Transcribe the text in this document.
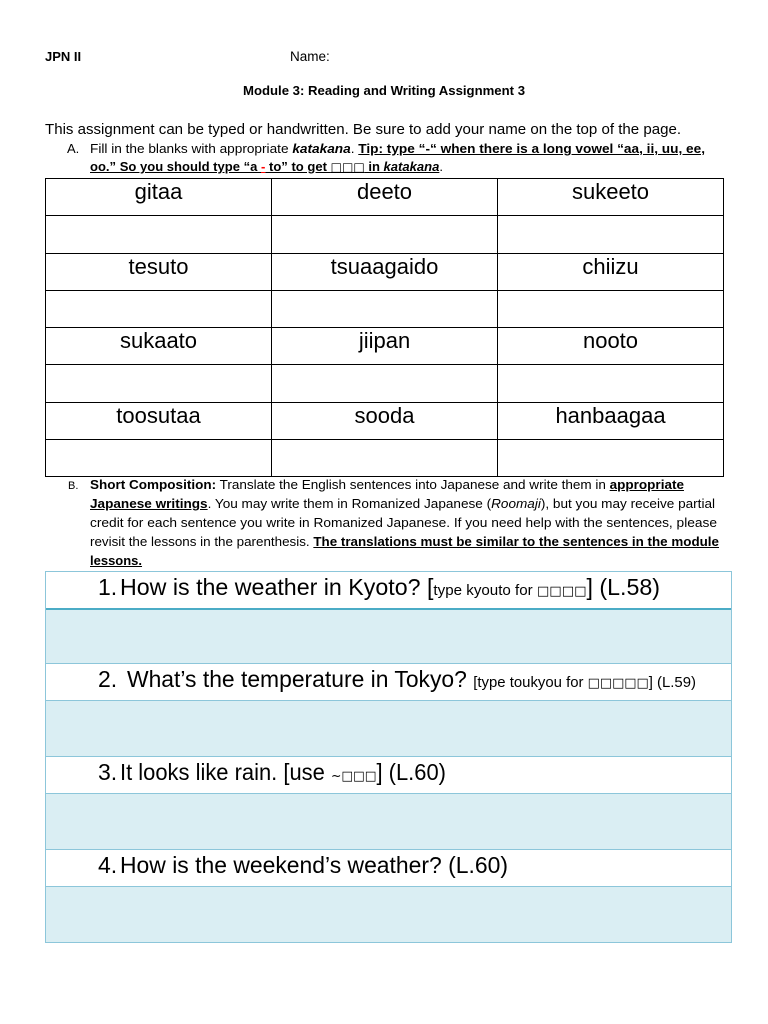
JPN II	Name:
Module 3: Reading and Writing Assignment 3
This assignment can be typed or handwritten. Be sure to add your name on the top of the page.
A. Fill in the blanks with appropriate katakana. Tip: type “-“ when there is a long vowel “aa, ii, uu, ee,
oo.” So you should type “a - to” to get □□□ in katakana.
gitaa	deeto	sukeeto

tesuto	tsuaagaido	chiizu

sukaato	jiipan	nooto

toosutaa	sooda	hanbaagaa

B. Short Composition: Translate the English sentences into Japanese and write them in appropriate
Japanese writings. You may write them in Romanized Japanese (Roomaji), but you may receive partial
credit for each sentence you write in Romanized Japanese. If you need help with the sentences, please
revisit the lessons in the parenthesis. The translations must be similar to the sentences in the module
lessons.
1. How is the weather in Kyoto? [type kyouto for □□□□] (L.58)
2. What’s the temperature in Tokyo? [type toukyou for □□□□□] (L.59)
3. It looks like rain. [use ~□□□] (L.60)
4. How is the weekend’s weather? (L.60)
